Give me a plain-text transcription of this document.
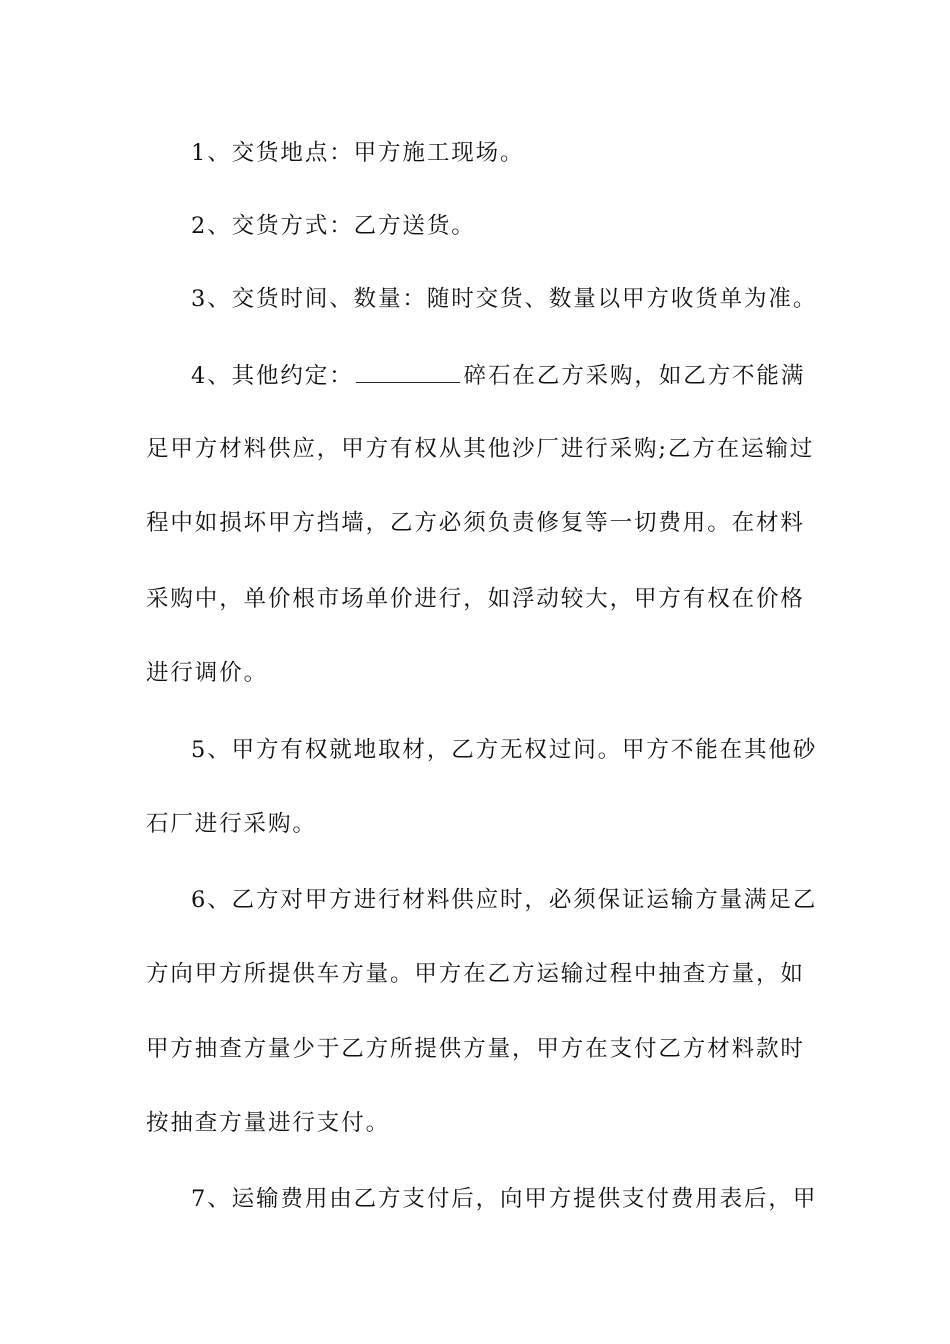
1、交货地点：甲方施工现场。
2、交货方式：乙方送货。
3、交货时间、数量：随时交货、数量以甲方收货单为准。
4、其他约定：	碎石在乙方采购，如乙方不能满
足甲方材料供应，甲方有权从其他沙厂进行采购;乙方在运输过
程中如损坏甲方挡墙，乙方必须负责修复等一切费用。在材料
采购中，单价根市场单价进行，如浮动较大，甲方有权在价格
进行调价。
5、甲方有权就地取材，乙方无权过问。甲方不能在其他砂
石厂进行采购。
6、乙方对甲方进行材料供应时，必须保证运输方量满足乙
方向甲方所提供车方量。甲方在乙方运输过程中抽查方量，如
甲方抽查方量少于乙方所提供方量，甲方在支付乙方材料款时
按抽查方量进行支付。
7、运输费用由乙方支付后，向甲方提供支付费用表后，甲
